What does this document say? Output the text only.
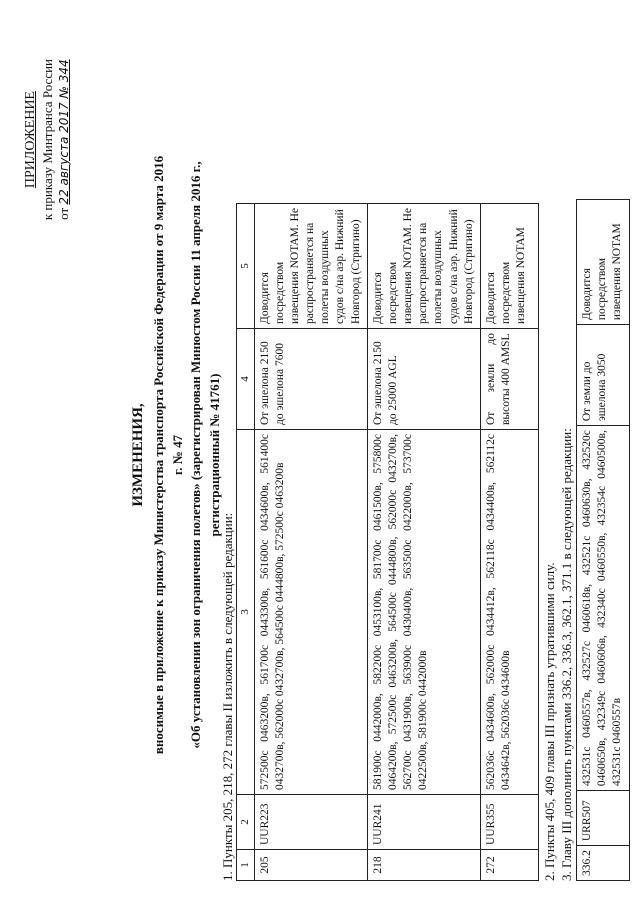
ПРИЛОЖЕНИЕ к приказу Минтранса России от 22 августа 2017 № 344
ИЗМЕНЕНИЯ, вносимые в приложение к приказу Министерства транспорта Российской Федерации от 9 марта 2016 г. № 47 «Об установлении зон ограничения полетов» (зарегистрирован Минюстом России 11 апреля 2016 г., регистрационный № 41761)
1. Пункты 205, 218, 272 главы II изложить в следующей редакции: 1	2	3	4	5
205	UUR223	572500с 0463200в, 561700с 0443300в, 561600с 0434600в, 561400с 0432700в, 562000с 0432700в, 564500с 0444800в, 572500с 0463200в	От эшелона 2150 до эшелона 7600	Доводится посредством извещения NOTAM. Не распространяется на полеты воздушных судов с/на аэр. Нижний Новгород (Стригино)
218	UUR241	581900с 0442000в, 582200с 0453100в, 581700с 0461500в, 575800с 0464200в, 572500с 0463200в, 564500с 0444800в, 562000с 0432700в, 562700с 0431900в, 563900с 0430400в, 563500с 0422000в, 573700с 0422500в, 581900с 0442000в	От эшелона 2150 до 25000 AGL	Доводится посредством извещения NOTAM. Не распространяется на полеты воздушных судов с/на аэр. Нижний Новгород (Стригино)
272	UUR355	562036с 0434600в, 562000с 0434412в, 562118с 0434400в, 562112с 0434642в, 562036с 0434600в	От земли до высоты 400 AMSL	Доводится посредством извещения NOTAM
2. Пункты 405, 409 главы III признать утратившими силу. 3. Главу III дополнить пунктами 336.2, 336.3, 362.1, 371.1 в следующей редакции: 336.2	URR507	432531с 0460557в, 432527с 0460618в, 432521с 0460630в, 432520с 0460650в, 432349с 0460606в, 432340с 0460550в, 432354с 0460500в, 432531с 0460557в	От земли до эшелона 3050	Доводится посредством извещения NOTAM
